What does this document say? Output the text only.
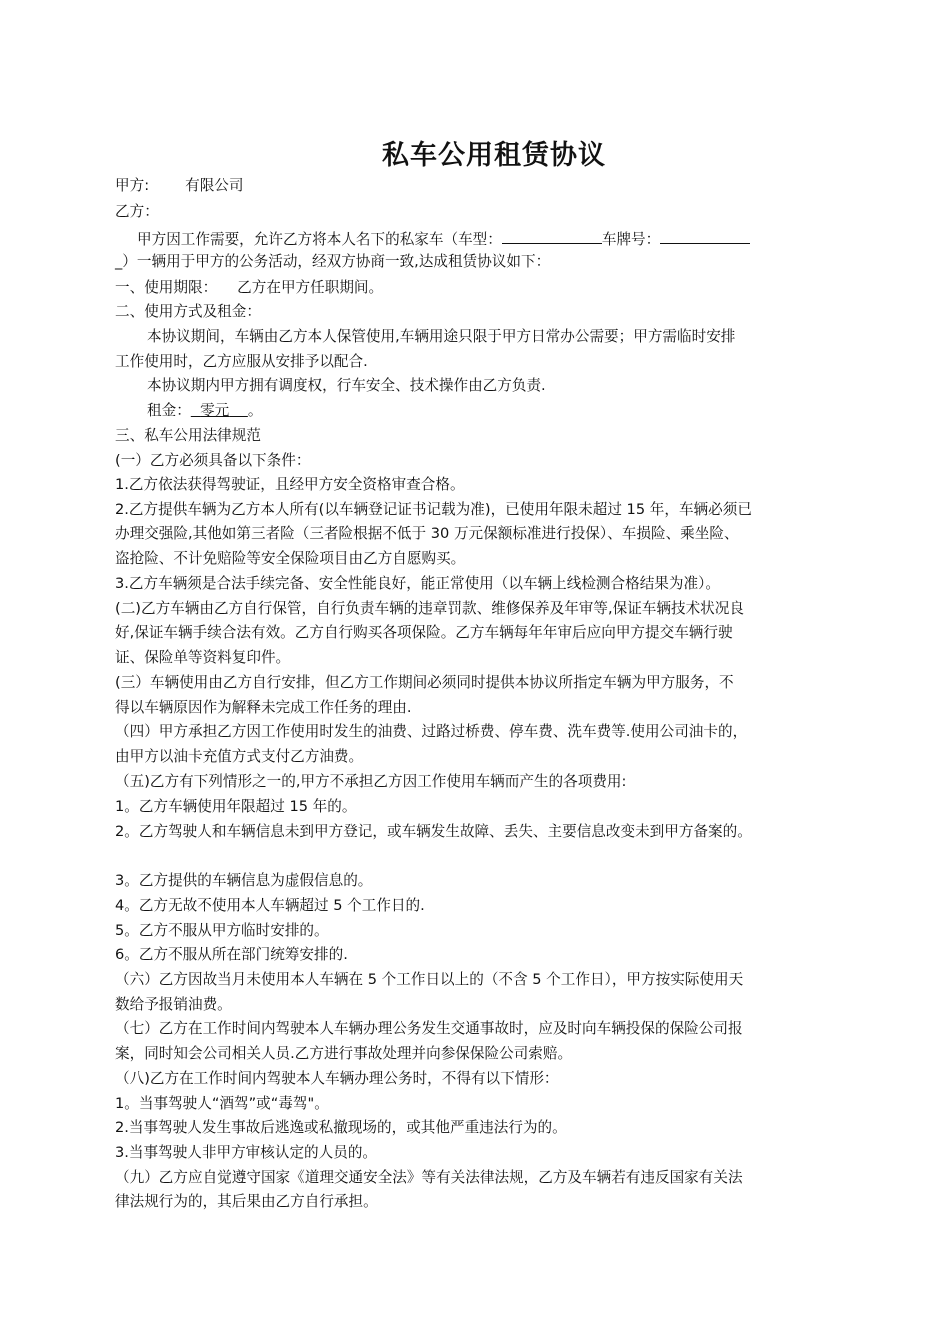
私车公用租赁协议
甲方: 有限公司
乙方：
甲方因工作需要，允许乙方将本人名下的私家车（车型：	车牌号：
_）一辆用于甲方的公务活动，经双方协商一致,达成租赁协议如下：
一、使用期限： 乙方在甲方任职期间。
二、使用方式及租金：
本协议期间，车辆由乙方本人保管使用,车辆用途只限于甲方日常办公需要；甲方需临时安排
工作使用时，乙方应服从安排予以配合.
本协议期内甲方拥有调度权，行车安全、技术操作由乙方负责.
租金： 零元 。
三、私车公用法律规范
(一）乙方必须具备以下条件：
1.乙方依法获得驾驶证，且经甲方安全资格审查合格。
2.乙方提供车辆为乙方本人所有(以车辆登记证书记载为准)，已使用年限未超过 15 年，车辆必须已
办理交强险,其他如第三者险（三者险根据不低于 30 万元保额标准进行投保）、车损险、乘坐险、
盗抢险、不计免赔险等安全保险项目由乙方自愿购买。
3.乙方车辆须是合法手续完备、安全性能良好，能正常使用（以车辆上线检测合格结果为准）。
(二)乙方车辆由乙方自行保管，自行负责车辆的违章罚款、维修保养及年审等,保证车辆技术状况良
好,保证车辆手续合法有效。乙方自行购买各项保险。乙方车辆每年年审后应向甲方提交车辆行驶
证、保险单等资料复印件。
(三）车辆使用由乙方自行安排，但乙方工作期间必须同时提供本协议所指定车辆为甲方服务，不
得以车辆原因作为解释未完成工作任务的理由.
（四）甲方承担乙方因工作使用时发生的油费、过路过桥费、停车费、洗车费等.使用公司油卡的，
由甲方以油卡充值方式支付乙方油费。
（五)乙方有下列情形之一的,甲方不承担乙方因工作使用车辆而产生的各项费用:
1。乙方车辆使用年限超过 15 年的。
2。乙方驾驶人和车辆信息未到甲方登记，或车辆发生故障、丢失、主要信息改变未到甲方备案的。
3。乙方提供的车辆信息为虚假信息的。
4。乙方无故不使用本人车辆超过 5 个工作日的.
5。乙方不服从甲方临时安排的。
6。乙方不服从所在部门统筹安排的.
（六）乙方因故当月未使用本人车辆在 5 个工作日以上的（不含 5 个工作日），甲方按实际使用天
数给予报销油费。
（七）乙方在工作时间内驾驶本人车辆办理公务发生交通事故时，应及时向车辆投保的保险公司报
案，同时知会公司相关人员.乙方进行事故处理并向参保保险公司索赔。
（八)乙方在工作时间内驾驶本人车辆办理公务时，不得有以下情形：
1。当事驾驶人“酒驾”或“毒驾"。
2.当事驾驶人发生事故后逃逸或私撤现场的，或其他严重违法行为的。
3.当事驾驶人非甲方审核认定的人员的。
（九）乙方应自觉遵守国家《道理交通安全法》等有关法律法规，乙方及车辆若有违反国家有关法
律法规行为的，其后果由乙方自行承担。
